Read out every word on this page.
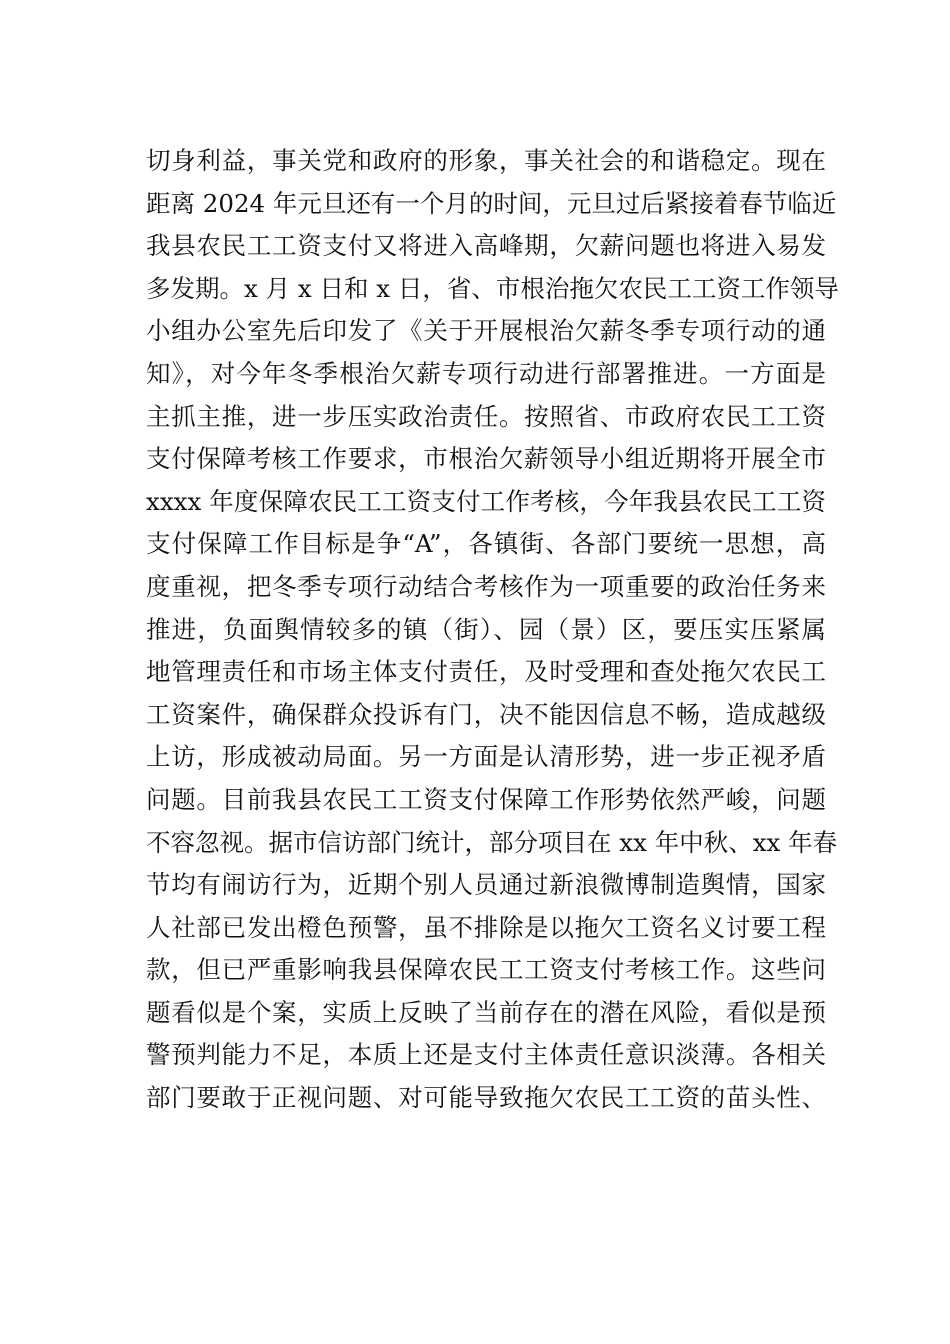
切身利益，事关党和政府的形象，事关社会的和谐稳定。现在
距离 2024 年元旦还有一个月的时间，元旦过后紧接着春节临近
我县农民工工资支付又将进入高峰期，欠薪问题也将进入易发
多发期。x 月 x 日和 x 日，省、市根治拖欠农民工工资工作领导
小组办公室先后印发了《关于开展根治欠薪冬季专项行动的通
知》，对今年冬季根治欠薪专项行动进行部署推进。一方面是
主抓主推，进一步压实政治责任。按照省、市政府农民工工资
支付保障考核工作要求，市根治欠薪领导小组近期将开展全市
xxxx 年度保障农民工工资支付工作考核，今年我县农民工工资
支付保障工作目标是争“A”，各镇街、各部门要统一思想，高
度重视，把冬季专项行动结合考核作为一项重要的政治任务来
推进，负面舆情较多的镇（街）、园（景）区，要压实压紧属
地管理责任和市场主体支付责任，及时受理和查处拖欠农民工
工资案件，确保群众投诉有门，决不能因信息不畅，造成越级
上访，形成被动局面。另一方面是认清形势，进一步正视矛盾
问题。目前我县农民工工资支付保障工作形势依然严峻，问题
不容忽视。据市信访部门统计，部分项目在 xx 年中秋、xx 年春
节均有闹访行为，近期个别人员通过新浪微博制造舆情，国家
人社部已发出橙色预警，虽不排除是以拖欠工资名义讨要工程
款，但已严重影响我县保障农民工工资支付考核工作。这些问
题看似是个案，实质上反映了当前存在的潜在风险，看似是预
警预判能力不足，本质上还是支付主体责任意识淡薄。各相关
部门要敢于正视问题、对可能导致拖欠农民工工资的苗头性、
